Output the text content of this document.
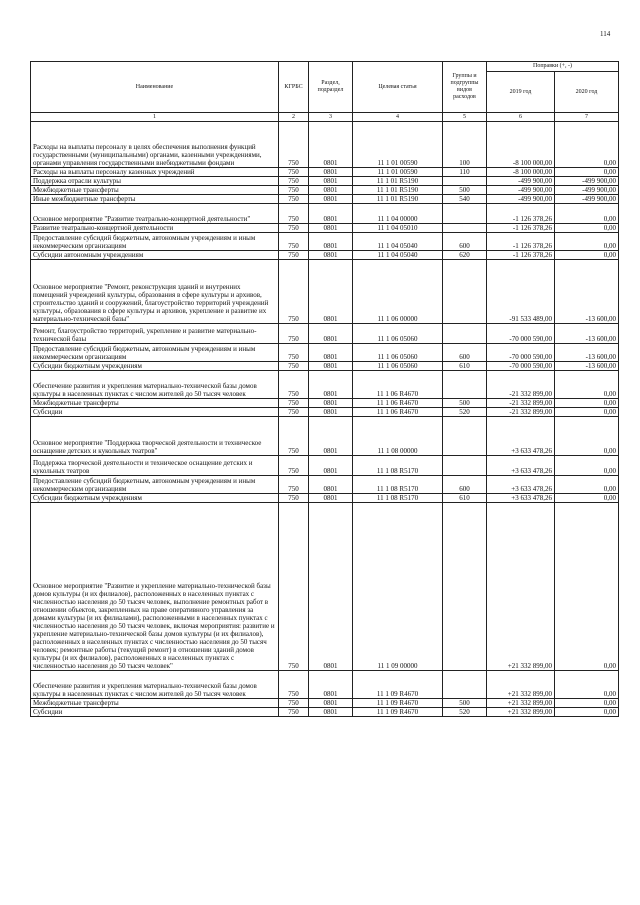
114
Наименование	КГРБС	Раздел, подраздел	Целевая статья	Группы и подгруппы видов расходов	Поправки (+, -)	
					2019 год	2020 год
1	2	3	4	5	6	7
Расходы на выплаты персоналу в целях обеспечения выполнения функций государственными (муниципальными) органами, казенными учреждениями, органами управления государственными внебюджетными фондами	750	0801	11 1 01 00590	100	-8 100 000,00	0,00
Расходы на выплаты персоналу казенных учреждений	750	0801	11 1 01 00590	110	-8 100 000,00	0,00
Поддержка отрасли культуры	750	0801	11 1 01 R5190		-499 900,00	-499 900,00
Межбюджетные трансферты	750	0801	11 1 01 R5190	500	-499 900,00	-499 900,00
Иные межбюджетные трансферты	750	0801	11 1 01 R5190	540	-499 900,00	-499 900,00
Основное мероприятие "Развитие театрально-концертной деятельности"	750	0801	11 1 04 00000		-1 126 378,26	0,00
Развитие театрально-концертной деятельности	750	0801	11 1 04 05010		-1 126 378,26	0,00
Предоставление субсидий бюджетным, автономным учреждениям и иным некоммерческим организациям	750	0801	11 1 04 05040	600	-1 126 378,26	0,00
Субсидии автономным учреждениям	750	0801	11 1 04 05040	620	-1 126 378,26	0,00
Основное мероприятие "Ремонт, реконструкция зданий и внутренних помещений учреждений культуры, образования в сфере культуры и архивов, строительство зданий и сооружений, благоустройство территорий учреждений культуры, образования в сфере культуры и архивов, укрепление и развитие их материально-технической базы"	750	0801	11 1 06 00000		-91 533 489,00	-13 600,00
Ремонт, благоустройство территорий, укрепление и развитие материально-технической базы	750	0801	11 1 06 05060		-70 000 590,00	-13 600,00
Предоставление субсидий бюджетным, автономным учреждениям и иным некоммерческим организациям	750	0801	11 1 06 05060	600	-70 000 590,00	-13 600,00
Субсидии бюджетным учреждениям	750	0801	11 1 06 05060	610	-70 000 590,00	-13 600,00
Обеспечение развития и укрепления материально-технической базы домов культуры в населенных пунктах с числом жителей до 50 тысяч человек	750	0801	11 1 06 R4670		-21 332 899,00	0,00
Межбюджетные трансферты	750	0801	11 1 06 R4670	500	-21 332 899,00	0,00
Субсидии	750	0801	11 1 06 R4670	520	-21 332 899,00	0,00
Основное мероприятие "Поддержка творческой деятельности и техническое оснащение детских и кукольных театров"	750	0801	11 1 08 00000		+3 633 478,26	0,00
Поддержка творческой деятельности и техническое оснащение детских и кукольных театров	750	0801	11 1 08 R5170		+3 633 478,26	0,00
Предоставление субсидий бюджетным, автономным учреждениям и иным некоммерческим организациям	750	0801	11 1 08 R5170	600	+3 633 478,26	0,00
Субсидии бюджетным учреждениям	750	0801	11 1 08 R5170	610	+3 633 478,26	0,00
Основное мероприятие "Развитие и укрепление материально-технической базы домов культуры (и их филиалов), расположенных в населенных пунктах с численностью населения до 50 тысяч человек, выполнение ремонтных работ в отношении объектов, закрепленных на праве оперативного управления за домами культуры (и их филиалами), расположенными в населенных пунктах с численностью населения до 50 тысяч человек, включая мероприятия: развитие и укрепление материально-технической базы домов культуры (и их филиалов), расположенных в населенных пунктах с численностью населения до 50 тысяч человек; ремонтные работы (текущий ремонт) в отношении зданий домов культуры (и их филиалов), расположенных в населенных пунктах с численностью населения до 50 тысяч человек"	750	0801	11 1 09 00000		+21 332 899,00	0,00
Обеспечение развития и укрепления материально-технической базы домов культуры в населенных пунктах с числом жителей до 50 тысяч человек	750	0801	11 1 09 R4670		+21 332 899,00	0,00
Межбюджетные трансферты	750	0801	11 1 09 R4670	500	+21 332 899,00	0,00
Субсидии	750	0801	11 1 09 R4670	520	+21 332 899,00	0,00
